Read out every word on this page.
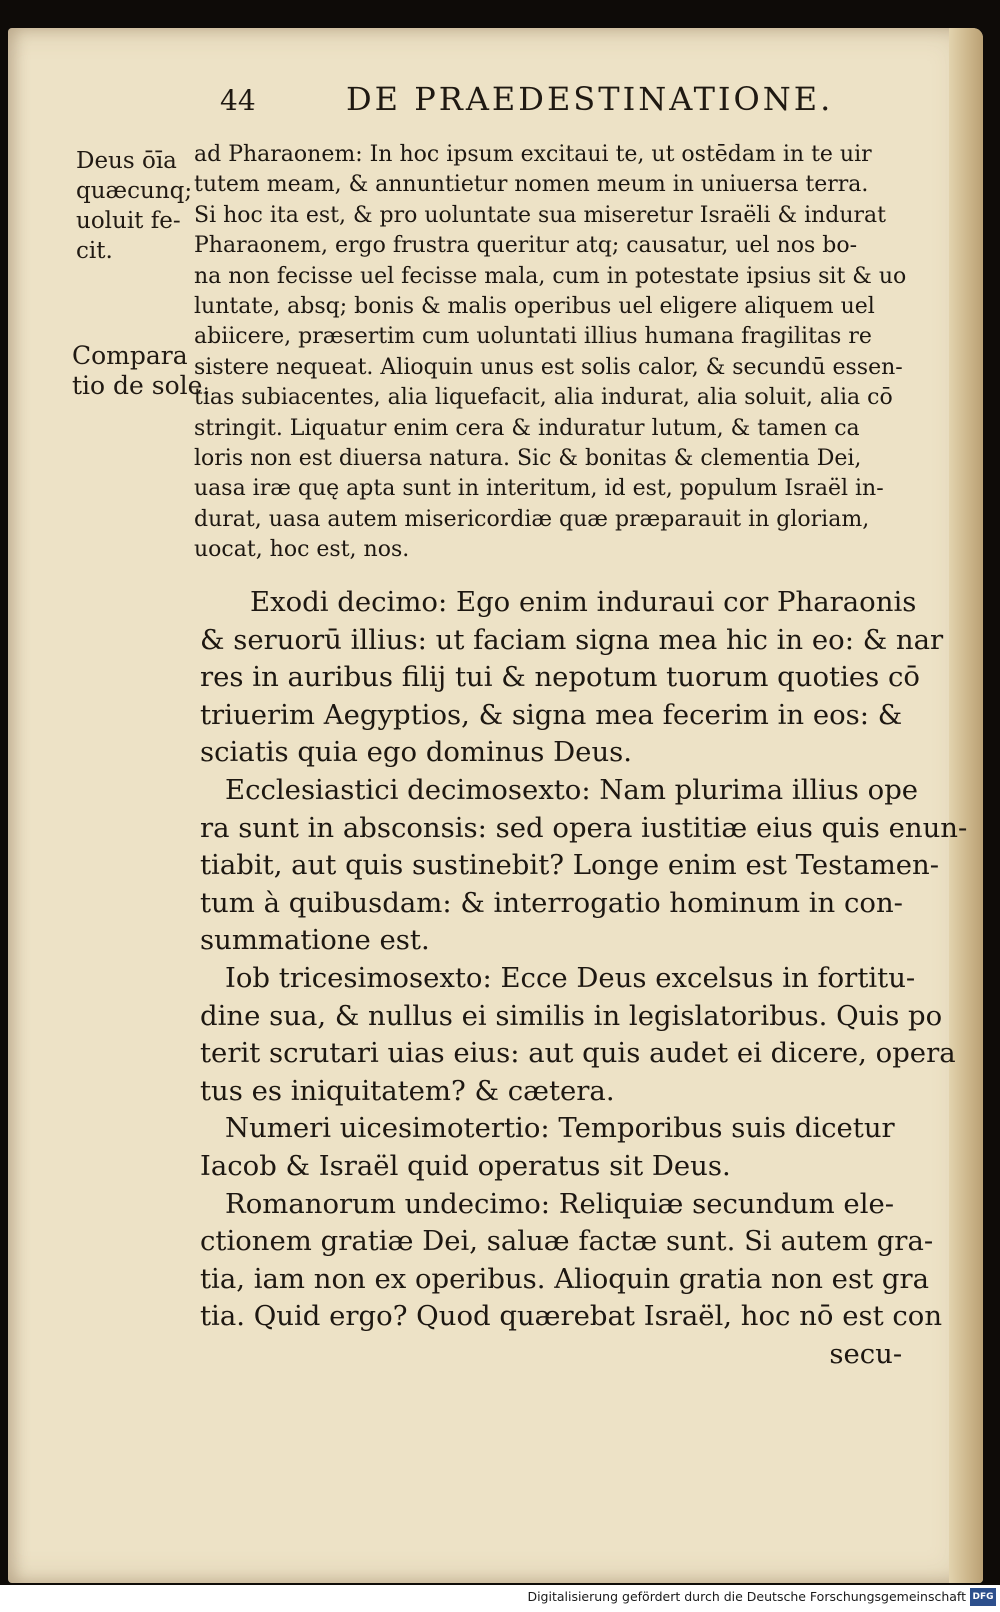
44	DE PRAEDESTINATIONE.
Deus ōīa
quæcunq;
uoluit fe-
cit.
Compara
tio de sole.
ad Pharaonem: In hoc ipsum excitaui te, ut ostēdam in te uir
tutem meam, & annuntietur nomen meum in uniuersa terra.
Si hoc ita est, & pro uoluntate sua miseretur Israëli & indurat
Pharaonem, ergo frustra queritur atq; causatur, uel nos bo-
na non fecisse uel fecisse mala, cum in potestate ipsius sit & uo
luntate, absq; bonis & malis operibus uel eligere aliquem uel
abiicere, præsertim cum uoluntati illius humana fragilitas re
sistere nequeat. Alioquin unus est solis calor, & secundū essen-
tias subiacentes, alia liquefacit, alia indurat, alia soluit, alia cō
stringit. Liquatur enim cera & induratur lutum, & tamen ca
loris non est diuersa natura. Sic & bonitas & clementia Dei,
uasa iræ quę apta sunt in interitum, id est, populum Israël in-
durat, uasa autem misericordiæ quæ præparauit in gloriam,
uocat, hoc est, nos.
Exodi decimo: Ego enim induraui cor Pharaonis
& seruorū illius: ut faciam signa mea hic in eo: & nar
res in auribus filij tui & nepotum tuorum quoties cō
triuerim Aegyptios, & signa mea fecerim in eos: &
sciatis quia ego dominus Deus.
Ecclesiastici decimosexto: Nam plurima illius ope
ra sunt in absconsis: sed opera iustitiæ eius quis enun-
tiabit, aut quis sustinebit? Longe enim est Testamen-
tum à quibusdam: & interrogatio hominum in con-
summatione est.
Iob tricesimosexto: Ecce Deus excelsus in fortitu-
dine sua, & nullus ei similis in legislatoribus. Quis po
terit scrutari uias eius: aut quis audet ei dicere, opera
tus es iniquitatem? & cætera.
Numeri uicesimotertio: Temporibus suis dicetur
Iacob & Israël quid operatus sit Deus.
Romanorum undecimo: Reliquiæ secundum ele-
ctionem gratiæ Dei, saluæ factæ sunt. Si autem gra-
tia, iam non ex operibus. Alioquin gratia non est gra
tia. Quid ergo? Quod quærebat Israël, hoc nō est con
secu-
Digitalisierung gefördert durch die Deutsche Forschungsgemeinschaft DFG
